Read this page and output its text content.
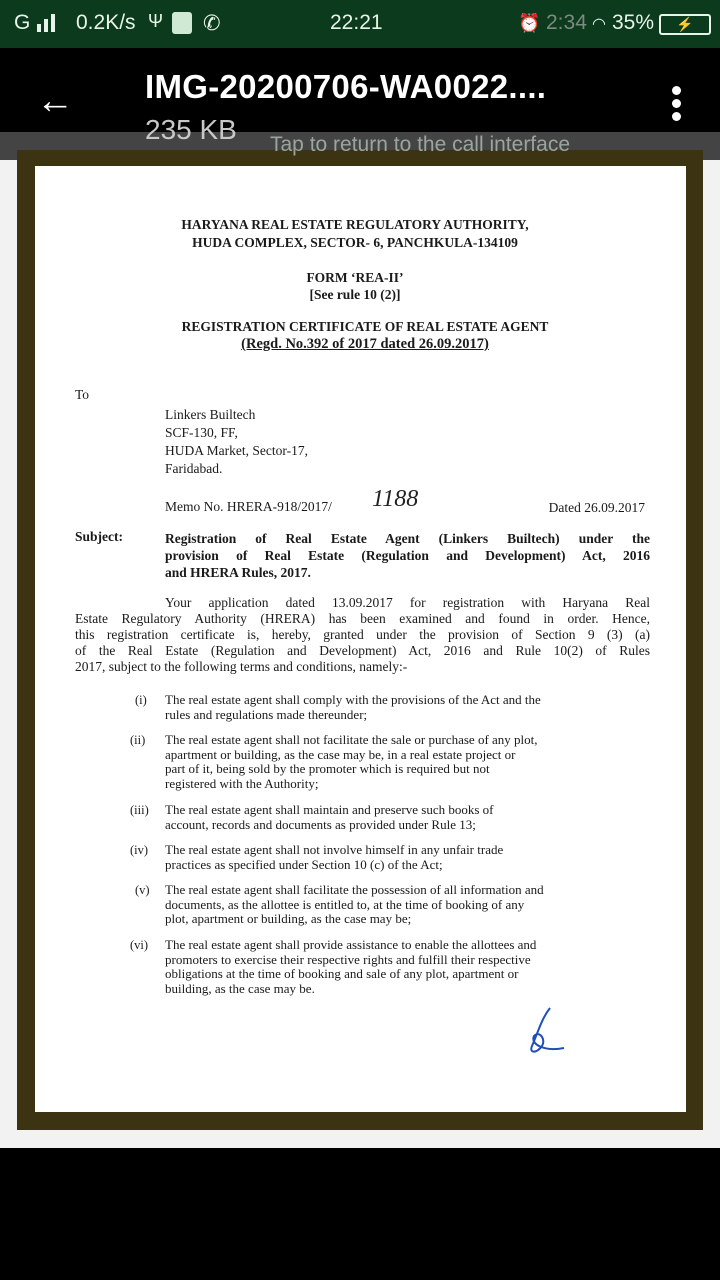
G 0.2K/s Ψ ✆	22:21	⏰ 2:34 ◠ 35%	⚡
← IMG-20200706-WA0022....
235 KB Tap to return to the call interface
HARYANA REAL ESTATE REGULATORY AUTHORITY,
HUDA COMPLEX, SECTOR- 6, PANCHKULA-134109
FORM ‘REA-II’
[See rule 10 (2)]
REGISTRATION CERTIFICATE OF REAL ESTATE AGENT
(Regd. No.392 of 2017 dated 26.09.2017)
To
Linkers Builtech
SCF-130, FF,
HUDA Market, Sector-17,
Faridabad.
Memo No. HRERA-918/2017/ 1188	Dated 26.09.2017
Subject:	Registration of Real Estate Agent (Linkers Builtech) under the
provision of Real Estate (Regulation and Development) Act, 2016
and HRERA Rules, 2017.
Your application dated 13.09.2017 for registration with Haryana Real
Estate Regulatory Authority (HRERA) has been examined and found in order. Hence,
this registration certificate is, hereby, granted under the provision of Section 9 (3) (a)
of the Real Estate (Regulation and Development) Act, 2016 and Rule 10(2) of Rules
2017, subject to the following terms and conditions, namely:-
(i) The real estate agent shall comply with the provisions of the Act and the
rules and regulations made thereunder;
(ii) The real estate agent shall not facilitate the sale or purchase of any plot,
apartment or building, as the case may be, in a real estate project or
part of it, being sold by the promoter which is required but not
registered with the Authority;
(iii) The real estate agent shall maintain and preserve such books of
account, records and documents as provided under Rule 13;
(iv) The real estate agent shall not involve himself in any unfair trade
practices as specified under Section 10 (c) of the Act;
(v) The real estate agent shall facilitate the possession of all information and
documents, as the allottee is entitled to, at the time of booking of any
plot, apartment or building, as the case may be;
(vi) The real estate agent shall provide assistance to enable the allottees and
promoters to exercise their respective rights and fulfill their respective
obligations at the time of booking and sale of any plot, apartment or
building, as the case may be.
